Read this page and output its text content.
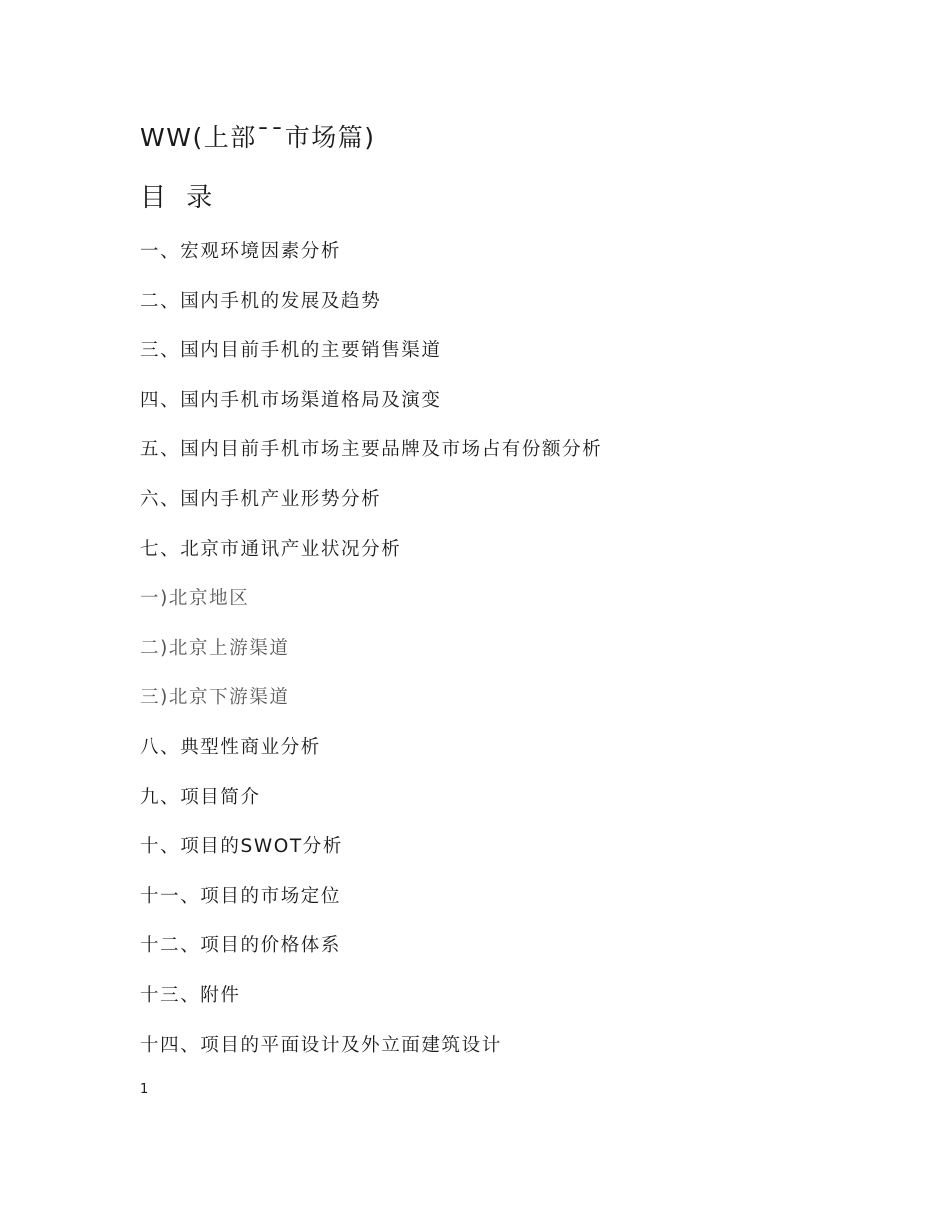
WW(上部¯¯市场篇)
目 录
一、宏观环境因素分析
二、国内手机的发展及趋势
三、国内目前手机的主要销售渠道
四、国内手机市场渠道格局及演变
五、国内目前手机市场主要品牌及市场占有份额分析
六、国内手机产业形势分析
七、北京市通讯产业状况分析
一)北京地区
二)北京上游渠道
三)北京下游渠道
八、典型性商业分析
九、项目简介
十、项目的SWOT分析
十一、项目的市场定位
十二、项目的价格体系
十三、附件
十四、项目的平面设计及外立面建筑设计
1
